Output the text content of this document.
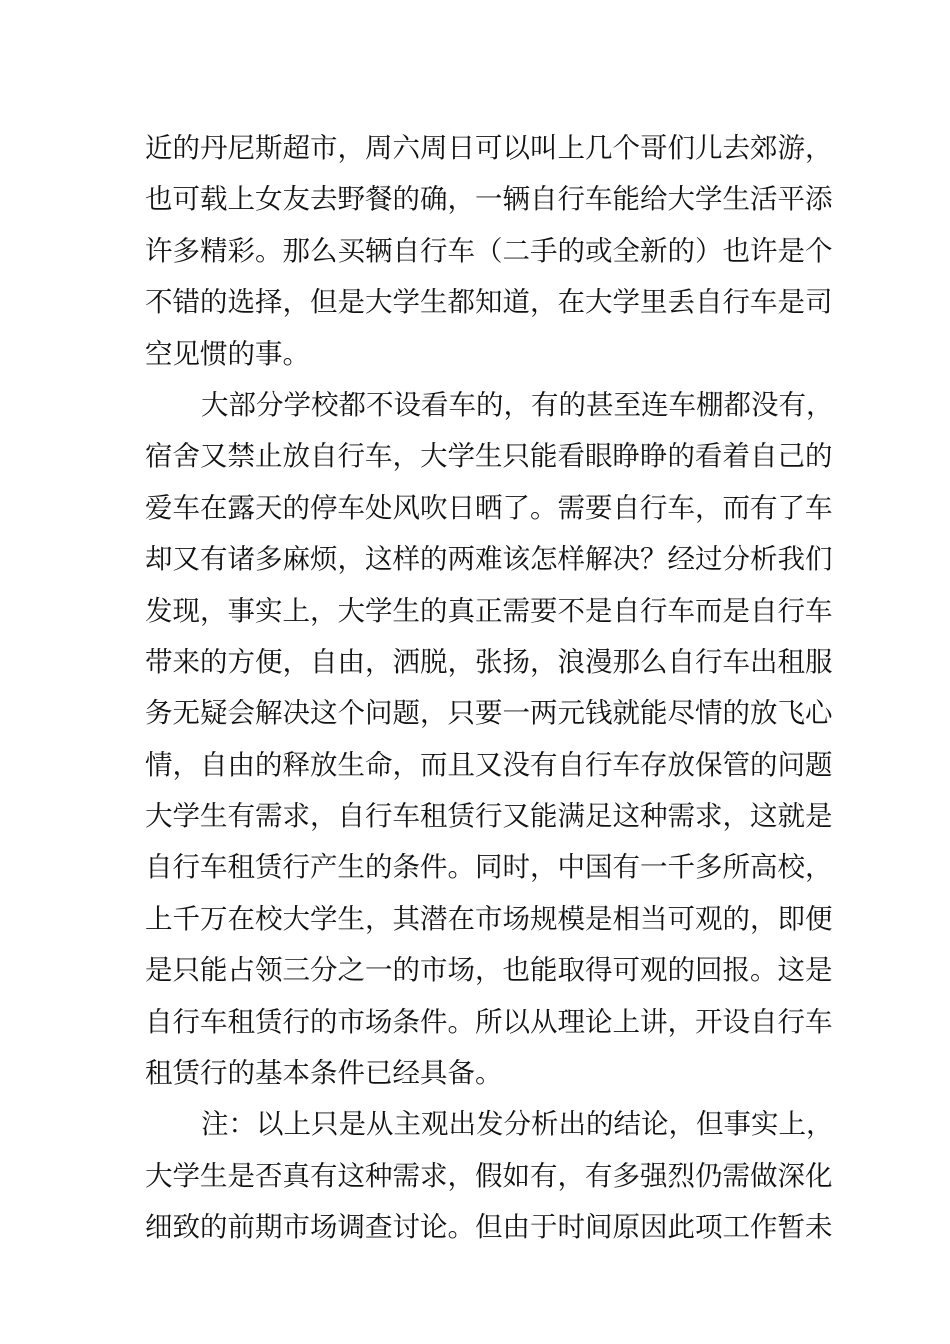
近的丹尼斯超市，周六周日可以叫上几个哥们儿去郊游，
也可载上女友去野餐的确，一辆自行车能给大学生活平添
许多精彩。那么买辆自行车（二手的或全新的）也许是个
不错的选择，但是大学生都知道，在大学里丢自行车是司
空见惯的事。
大部分学校都不设看车的，有的甚至连车棚都没有，
宿舍又禁止放自行车，大学生只能看眼睁睁的看着自己的
爱车在露天的停车处风吹日晒了。需要自行车，而有了车
却又有诸多麻烦，这样的两难该怎样解决？经过分析我们
发现，事实上，大学生的真正需要不是自行车而是自行车
带来的方便，自由，洒脱，张扬，浪漫那么自行车出租服
务无疑会解决这个问题，只要一两元钱就能尽情的放飞心
情，自由的释放生命，而且又没有自行车存放保管的问题
大学生有需求，自行车租赁行又能满足这种需求，这就是
自行车租赁行产生的条件。同时，中国有一千多所高校，
上千万在校大学生，其潜在市场规模是相当可观的，即便
是只能占领三分之一的市场，也能取得可观的回报。这是
自行车租赁行的市场条件。所以从理论上讲，开设自行车
租赁行的基本条件已经具备。
注：以上只是从主观出发分析出的结论，但事实上，
大学生是否真有这种需求，假如有，有多强烈仍需做深化
细致的前期市场调查讨论。但由于时间原因此项工作暂未
